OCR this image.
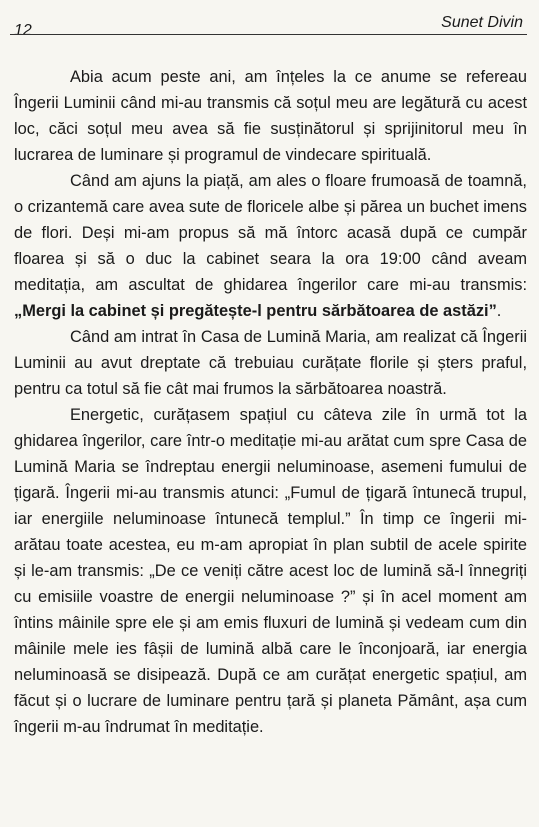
12	Sunet Divin

Abia acum peste ani, am înțeles la ce anume se refereau Îngerii Luminii când mi-au transmis că soțul meu are legătură cu acest loc, căci soțul meu avea să fie susținătorul și sprijinitorul meu în lucrarea de luminare și programul de vindecare spirituală.

Când am ajuns la piață, am ales o floare frumoasă de toamnă, o crizantemă care avea sute de floricele albe și părea un buchet imens de flori. Deși mi-am propus să mă întorc acasă după ce cumpăr floarea și să o duc la cabinet seara la ora 19:00 când aveam meditația, am ascultat de ghidarea îngerilor care mi-au transmis: „Mergi la cabinet și pregătește-l pentru sărbătoarea de astăzi”.

Când am intrat în Casa de Lumină Maria, am realizat că Îngerii Luminii au avut dreptate că trebuiau curățate florile și șters praful, pentru ca totul să fie cât mai frumos la sărbătoarea noastră.

Energetic, curățasem spațiul cu câteva zile în urmă tot la ghidarea îngerilor, care într-o meditație mi-au arătat cum spre Casa de Lumină Maria se îndreptau energii neluminoase, asemeni fumului de țigară. Îngerii mi-au transmis atunci: „Fumul de țigară întunecă trupul, iar energiile neluminoase întunecă templul.” În timp ce îngerii mi-arătau toate acestea, eu m-am apropiat în plan subtil de acele spirite și le-am transmis: „De ce veniți către acest loc de lumină să-l înnegriți cu emisiile voastre de energii neluminoase ?” și în acel moment am întins mâinile spre ele și am emis fluxuri de lumină și vedeam cum din mâinile mele ies fâșii de lumină albă care le înconjoară, iar energia neluminoasă se disipează. După ce am curățat energetic spațiul, am făcut și o lucrare de luminare pentru țară și planeta Pământ, așa cum îngerii m-au îndrumat în meditație.
